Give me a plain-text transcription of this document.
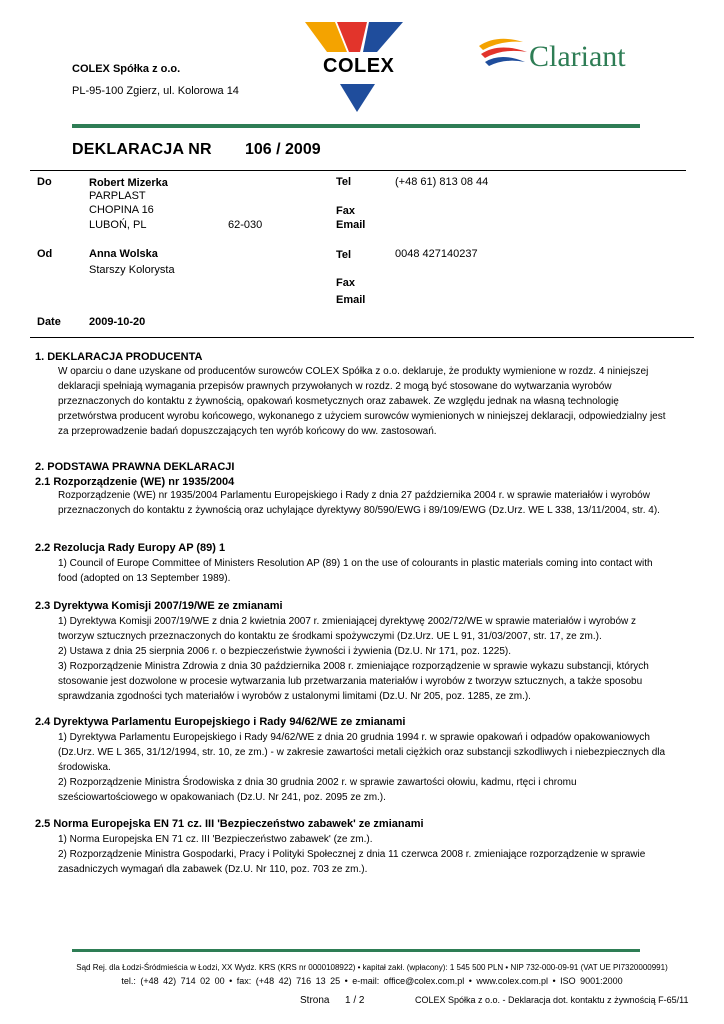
COLEX Spółka z o.o.
PL-95-100 Zgierz, ul. Kolorowa 14
COLEX	Clariant
DEKLARACJA NR 106 / 2009
Do	Robert Mizerka
PARPLAST
CHOPINA 16
LUBOŃ, PL	62-030
Tel	(+48 61) 813 08 44
Fax
Email
Od	Anna Wolska
Starszy Kolorysta
Tel	0048 427140237
Fax
Email
Date	2009-10-20
1. DEKLARACJA PRODUCENTA
W oparciu o dane uzyskane od producentów surowców COLEX Spółka z o.o. deklaruje, że produkty wymienione w rozdz. 4 niniejszej
deklaracji spełniają wymagania przepisów prawnych przywołanych w rozdz. 2 mogą być stosowane do wytwarzania wyrobów
przeznaczonych do kontaktu z żywnością, opakowań kosmetycznych oraz zabawek. Ze względu jednak na własną technologię
przetwórstwa producent wyrobu końcowego, wykonanego z użyciem surowców wymienionych w niniejszej deklaracji, odpowiedzialny jest
za przeprowadzenie badań dopuszczających ten wyrób końcowy do ww. zastosowań.
2. PODSTAWA PRAWNA DEKLARACJI
2.1 Rozporządzenie (WE) nr 1935/2004
Rozporządzenie (WE) nr 1935/2004 Parlamentu Europejskiego i Rady z dnia 27 października 2004 r. w sprawie materiałów i wyrobów
przeznaczonych do kontaktu z żywnością oraz uchylające dyrektywy 80/590/EWG i 89/109/EWG (Dz.Urz. WE L 338, 13/11/2004, str. 4).
2.2 Rezolucja Rady Europy AP (89) 1
1) Council of Europe Committee of Ministers Resolution AP (89) 1 on the use of colourants in plastic materials coming into contact with
food (adopted on 13 September 1989).
2.3 Dyrektywa Komisji 2007/19/WE ze zmianami
1) Dyrektywa Komisji 2007/19/WE z dnia 2 kwietnia 2007 r. zmieniającej dyrektywę 2002/72/WE w sprawie materiałów i wyrobów z
tworzyw sztucznych przeznaczonych do kontaktu ze środkami spożywczymi (Dz.Urz. UE L 91, 31/03/2007, str. 17, ze zm.).
2) Ustawa z dnia 25 sierpnia 2006 r. o bezpieczeństwie żywności i żywienia (Dz.U. Nr 171, poz. 1225).
3) Rozporządzenie Ministra Zdrowia z dnia 30 października 2008 r. zmieniające rozporządzenie w sprawie wykazu substancji, których
stosowanie jest dozwolone w procesie wytwarzania lub przetwarzania materiałów i wyrobów z tworzyw sztucznych, a także sposobu
sprawdzania zgodności tych materiałów i wyrobów z ustalonymi limitami (Dz.U. Nr 205, poz. 1285, ze zm.).
2.4 Dyrektywa Parlamentu Europejskiego i Rady 94/62/WE ze zmianami
1) Dyrektywa Parlamentu Europejskiego i Rady 94/62/WE z dnia 20 grudnia 1994 r. w sprawie opakowań i odpadów opakowaniowych
(Dz.Urz. WE L 365, 31/12/1994, str. 10, ze zm.) - w zakresie zawartości metali ciężkich oraz substancji szkodliwych i niebezpiecznych dla
środowiska.
2) Rozporządzenie Ministra Środowiska z dnia 30 grudnia 2002 r. w sprawie zawartości ołowiu, kadmu, rtęci i chromu
sześciowartościowego w opakowaniach (Dz.U. Nr 241, poz. 2095 ze zm.).
2.5 Norma Europejska EN 71 cz. III 'Bezpieczeństwo zabawek' ze zmianami
1) Norma Europejska EN 71 cz. III 'Bezpieczeństwo zabawek' (ze zm.).
2) Rozporządzenie Ministra Gospodarki, Pracy i Polityki Społecznej z dnia 11 czerwca 2008 r. zmieniające rozporządzenie w sprawie
zasadniczych wymagań dla zabawek (Dz.U. Nr 110, poz. 703 ze zm.).
Sąd Rej. dla Łodzi-Śródmieścia w Łodzi, XX Wydz. KRS (KRS nr 0000108922) • kapitał zakł. (wpłacony): 1 545 500 PLN • NIP 732-000-09-91 (VAT UE PI7320000991)
tel.: (+48 42) 714 02 00 • fax: (+48 42) 716 13 25 • e-mail: office@colex.com.pl • www.colex.com.pl • ISO 9001:2000
Strona 1 / 2	COLEX Spółka z o.o. - Deklaracja dot. kontaktu z żywnością F-65/11
